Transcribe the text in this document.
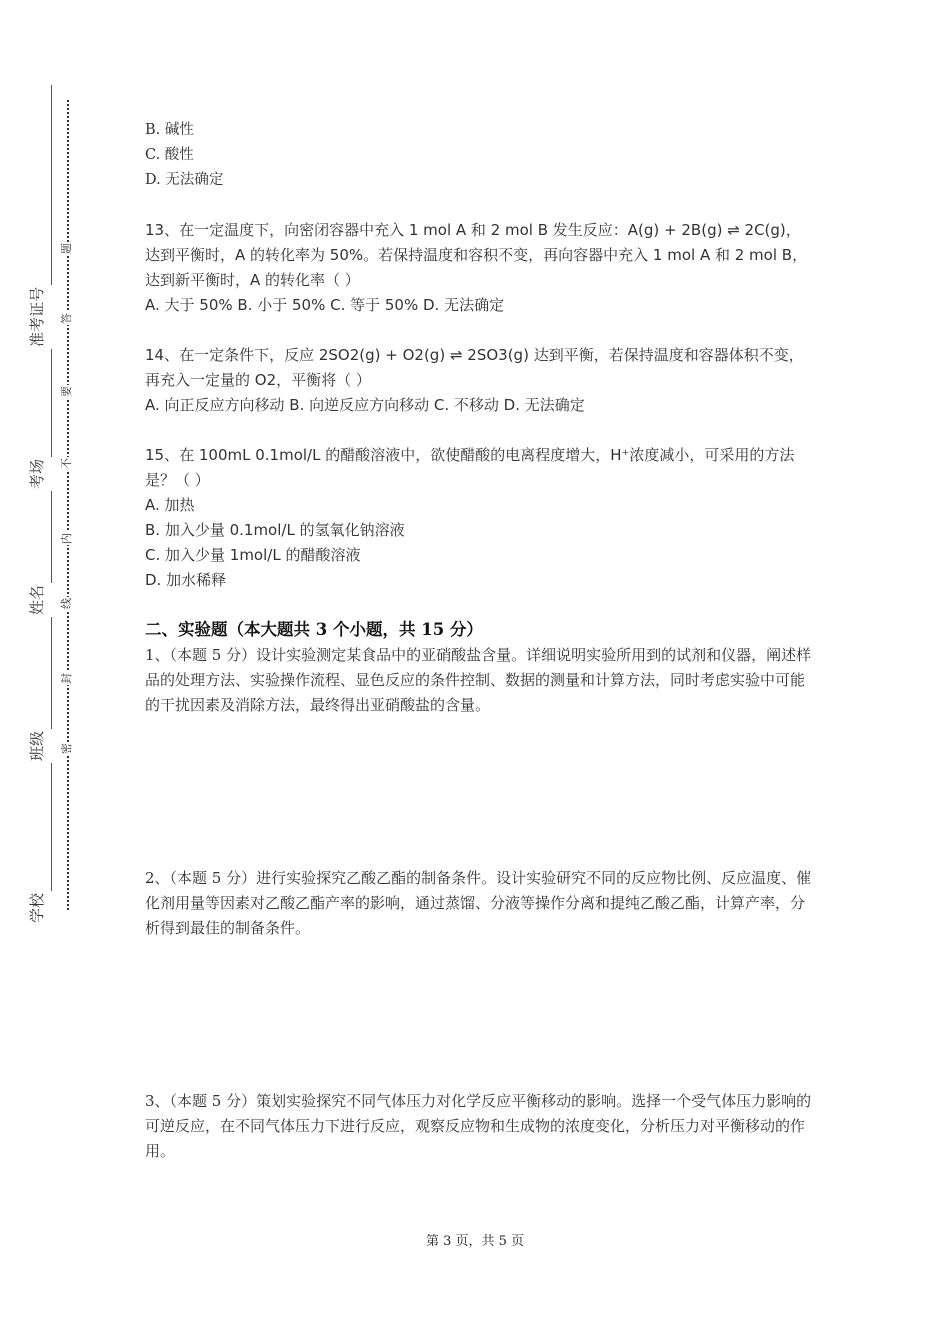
学校
班级
姓名
考场
准考证号
密
封
线
内
不
要
答
题

B. 碱性

C. 酸性

D. 无法确定

13、在一定温度下，向密闭容器中充入 1 mol A 和 2 mol B 发生反应：A(g) + 2B(g) ⇌ 2C(g)，达到平衡时，A 的转化率为 50%。若保持温度和容积不变，再向容器中充入 1 mol A 和 2 mol B，达到新平衡时，A 的转化率（ ）

A. 大于 50% B. 小于 50% C. 等于 50% D. 无法确定

14、在一定条件下，反应 2SO2(g) + O2(g) ⇌ 2SO3(g) 达到平衡，若保持温度和容器体积不变，再充入一定量的 O2，平衡将（ ）

A. 向正反应方向移动 B. 向逆反应方向移动 C. 不移动 D. 无法确定

15、在 100mL 0.1mol/L 的醋酸溶液中，欲使醋酸的电离程度增大，H⁺浓度减小，可采用的方法是？（ ）

A. 加热

B. 加入少量 0.1mol/L 的氢氧化钠溶液

C. 加入少量 1mol/L 的醋酸溶液

D. 加水稀释

二、实验题（本大题共 3 个小题，共 15 分）

1、（本题 5 分）设计实验测定某食品中的亚硝酸盐含量。详细说明实验所用到的试剂和仪器，阐述样品的处理方法、实验操作流程、显色反应的条件控制、数据的测量和计算方法，同时考虑实验中可能的干扰因素及消除方法，最终得出亚硝酸盐的含量。

2、（本题 5 分）进行实验探究乙酸乙酯的制备条件。设计实验研究不同的反应物比例、反应温度、催化剂用量等因素对乙酸乙酯产率的影响，通过蒸馏、分液等操作分离和提纯乙酸乙酯，计算产率，分析得到最佳的制备条件。

3、（本题 5 分）策划实验探究不同气体压力对化学反应平衡移动的影响。选择一个受气体压力影响的可逆反应，在不同气体压力下进行反应，观察反应物和生成物的浓度变化，分析压力对平衡移动的作用。

第 3 页，共 5 页
